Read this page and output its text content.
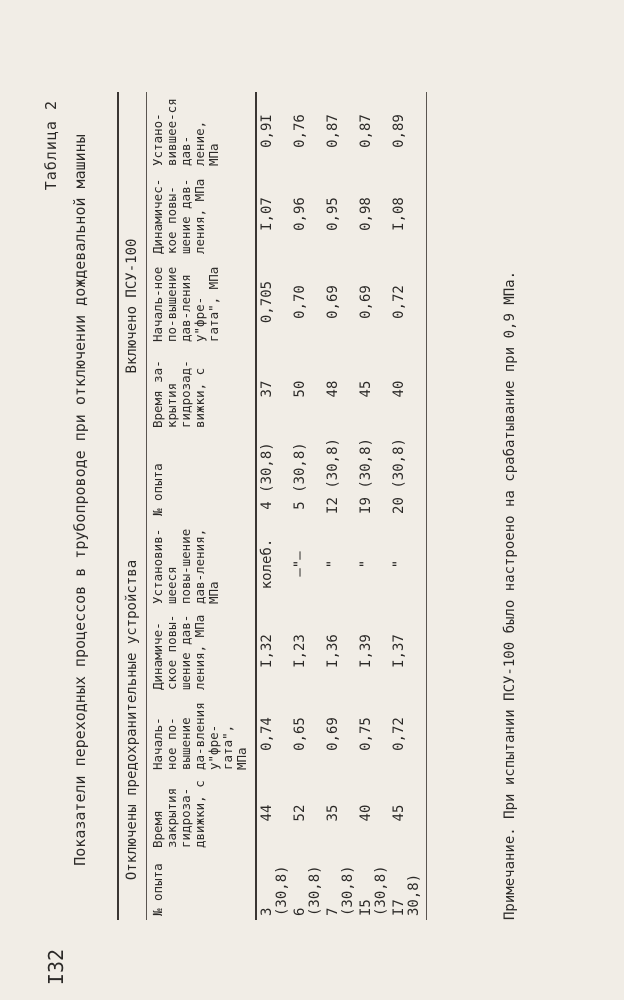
I32
Таблица 2 Показатели переходных процессов в трубопроводе при отключении дождевальной машины	Отключены предохранительные устройства					Включено ПСУ-100				
№ опыта	Время закрытия гидроза-движки, с	Началь-ное по-вышение да-вления у"фре-гата", МПа	Динамиче-ское повы-шение дав-ления, МПа	Установив-шееся повы-шение дав-ления, МПа	№ опыта	Время за-крытия гидрозад-вижки, с	Началь-ное по-вышение дав-ления у"фре-гата", МПа	Динамичес-кое повы-шение дав-ления, МПа	Устано-вившее-ся дав-ление, МПа
3 (30,8)	44	0,74	I,32	колеб.	4 (30,8)	37	0,705	I,07	0,9I
6 (30,8)	52	0,65	I,23	–"–	5 (30,8)	50	0,70	0,96	0,76
7 (30,8)	35	0,69	I,36	"	I2 (30,8)	48	0,69	0,95	0,87
I5 (30,8)	40	0,75	I,39	"	I9 (30,8)	45	0,69	0,98	0,87
I7 30,8)	45	0,72	I,37	"	20 (30,8)	40	0,72	I,08	0,89
Примечание. При испытании ПСУ-100 было настроено на срабатывание при 0,9 МПа.
